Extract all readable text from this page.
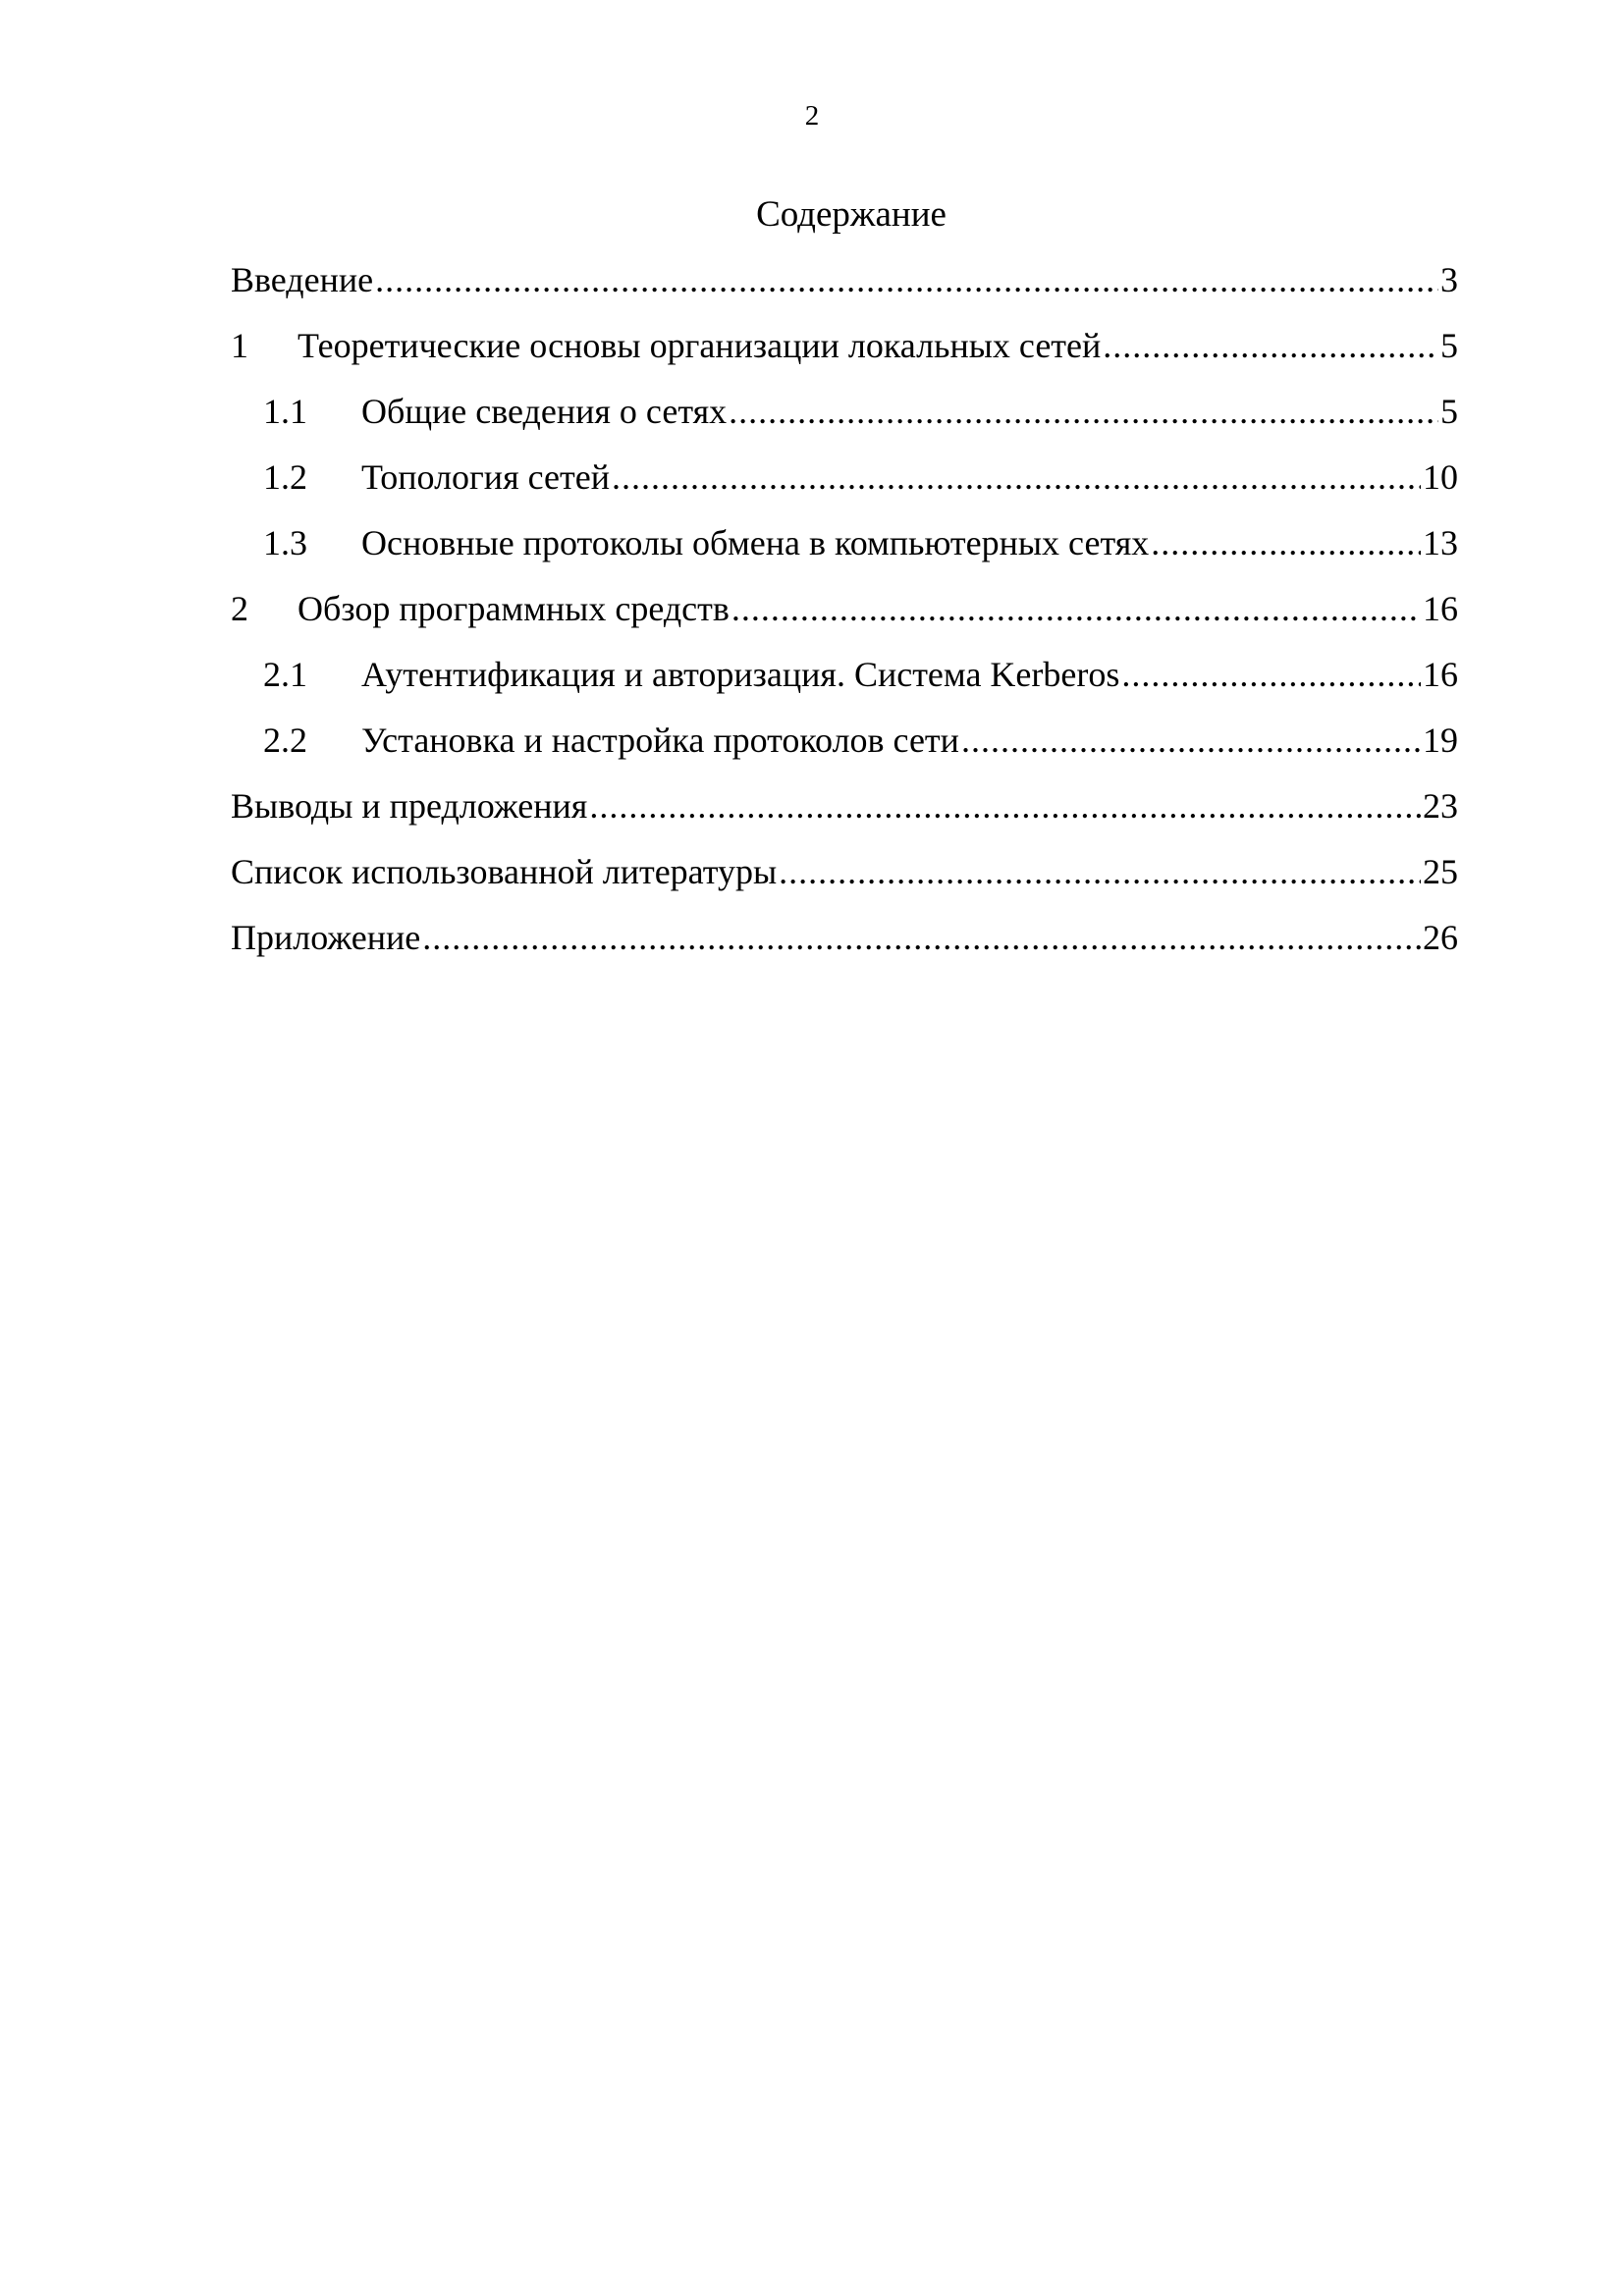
2
Содержание
Введение .....	3
1	Теоретические основы организации локальных сетей .....	5
1.1	Общие сведения о сетях .....	5
1.2	Топология сетей .....	10
1.3	Основные протоколы обмена в компьютерных сетях .....	13
2	Обзор программных средств .....	16
2.1	Аутентификация и авторизация. Система Kerberos .....	16
2.2	Установка и настройка протоколов сети .....	19
Выводы и предложения .....	23
Список использованной литературы .....	25
Приложение .....	26
